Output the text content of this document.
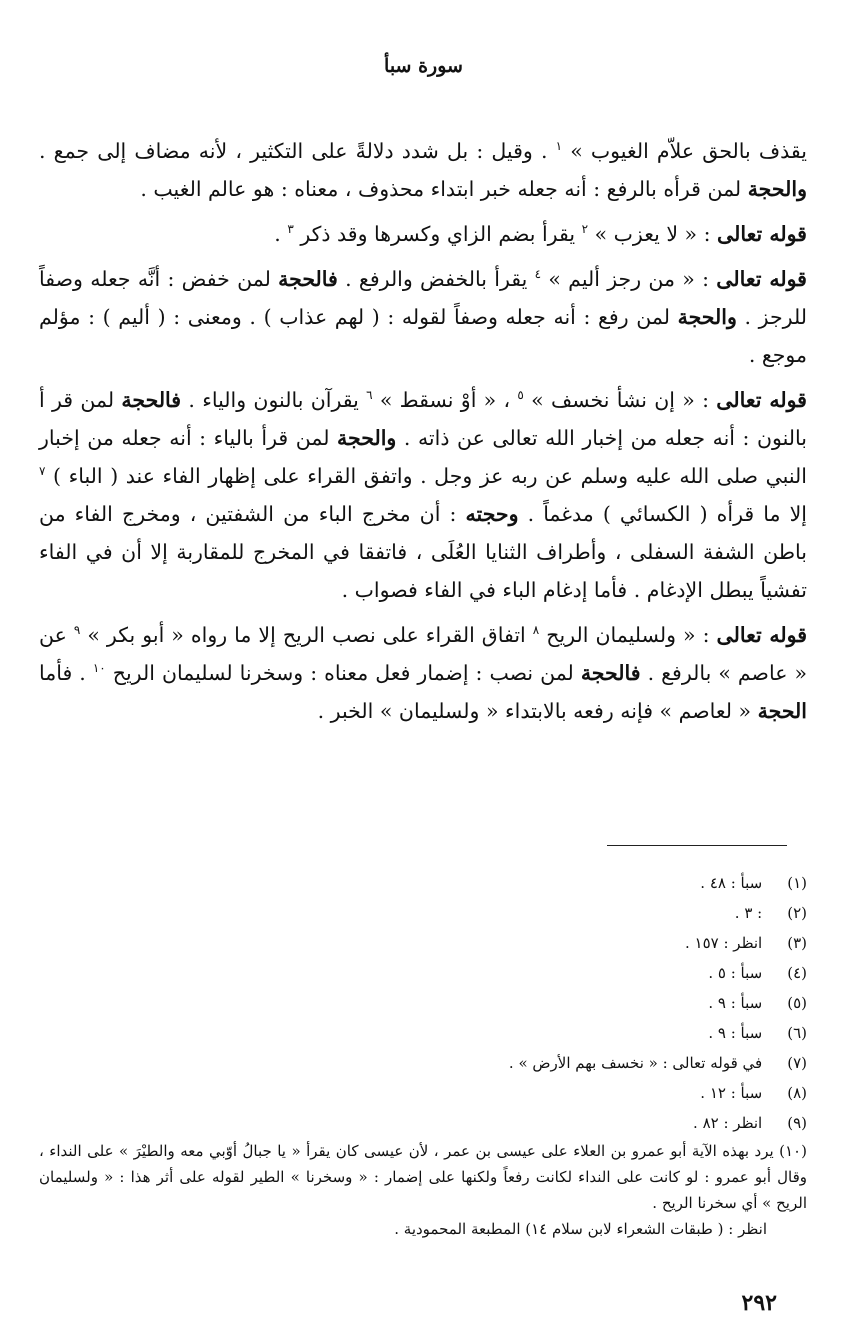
سورة سبأ

يقذف بالحق علاّم الغيوب » $^١$ . وقيل : بل شدد دلالةً على التكثير ، لأنه مضاف إلى جمع . والحجة لمن قرأه بالرفع : أنه جعله خبر ابتداء محذوف ، معناه : هو عالم الغيب .

قوله تعالى : « لا يعزب » $^٢$ يقرأ بضم الزاي وكسرها وقد ذكر $^٣$ .

قوله تعالى : « من رجز أليم » $^٤$ يقرأ بالخفض والرفع . فالحجة لمن خفض : أنَّه جعله وصفاً للرجز . والحجة لمن رفع : أنه جعله وصفاً لقوله : ( لهم عذاب ) . ومعنى : ( أليم ) : مؤلم موجع .

قوله تعالى : « إن نشأ نخسف » $^٥$ ، « أوْ نسقط » $^٦$ يقرآن بالنون والياء . فالحجة لمن قر أ بالنون : أنه جعله من إخبار الله تعالى عن ذاته . والحجة لمن قرأ بالياء : أنه جعله من إخبار النبي صلى الله عليه وسلم عن ربه عز وجل . واتفق القراء على إظهار الفاء عند ( الباء ) $^٧$ إلا ما قرأه ( الكسائي ) مدغماً . وحجته : أن مخرج الباء من الشفتين ، ومخرج الفاء من باطن الشفة السفلى ، وأطراف الثنايا العُلَى ، فاتفقا في المخرج للمقاربة إلا أن في الفاء تفشياً يبطل الإدغام . فأما إدغام الباء في الفاء فصواب .

قوله تعالى : « ولسليمان الريح $^٨$ اتفاق القراء على نصب الريح إلا ما رواه « أبو بكر » $^٩$ عن « عاصم » بالرفع . فالحجة لمن نصب : إضمار فعل معناه : وسخرنا لسليمان الريح $^{١٠}$ . فأما الحجة « لعاصم » فإنه رفعه بالابتداء « ولسليمان » الخبر .

(١) سبأ : ٤٨ .
(٢) : ٣ .
(٣) انظر : ١٥٧ .
(٤) سبأ : ٥ .
(٥) سبأ : ٩ .
(٦) سبأ : ٩ .
(٧) في قوله تعالى : « نخسف بهم الأرض » .
(٨) سبأ : ١٢ .
(٩) انظر : ٨٢ .
(١٠) يرد بهذه الآية أبو عمرو بن العلاء على عيسى بن عمر ، لأن عيسى كان يقرأ « يا جبالُ أوّبي معه والطيْرَ » على النداء ، وقال أبو عمرو : لو كانت على النداء لكانت رفعاً ولكنها على إضمار : « وسخرنا » الطير لقوله على أثر هذا : « ولسليمان الريح » أي سخرنا الريح .
انظر : ( طبقات الشعراء لابن سلام ١٤) المطبعة المحمودية .
٢٩٢
